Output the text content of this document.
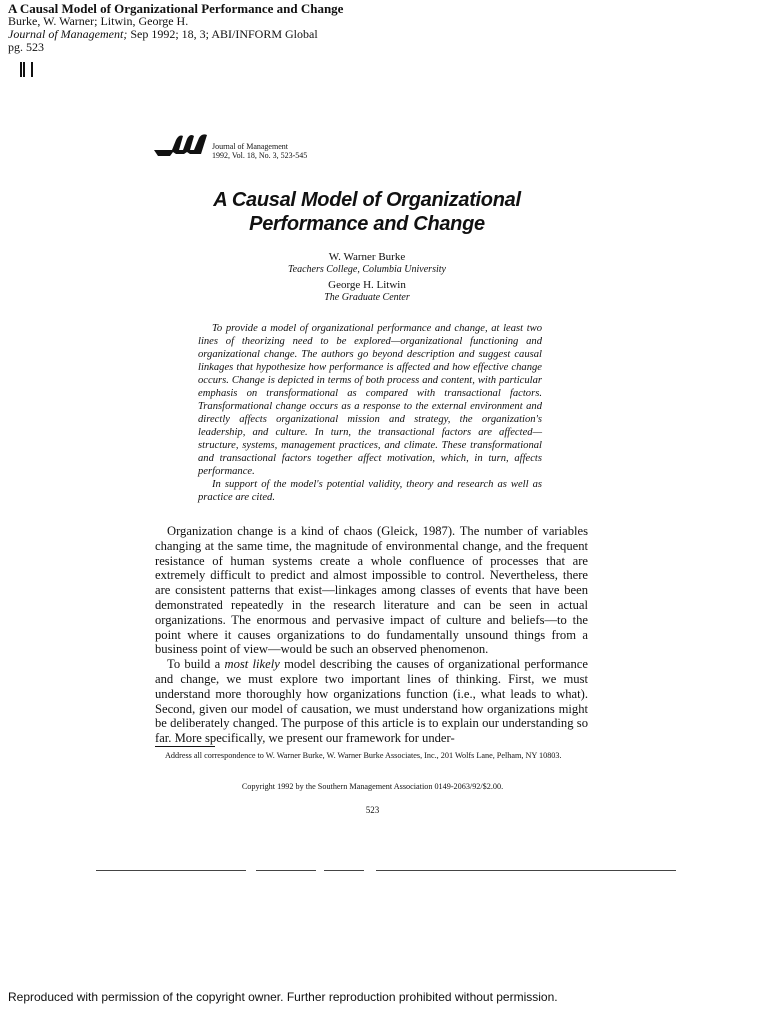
A Causal Model of Organizational Performance and Change
Burke, W. Warner; Litwin, George H.
Journal of Management; Sep 1992; 18, 3; ABI/INFORM Global
pg. 523
Journal of Management
1992, Vol. 18, No. 3, 523-545
A Causal Model of Organizational
Performance and Change
W. Warner Burke
Teachers College, Columbia University
George H. Litwin
The Graduate Center

To provide a model of organizational performance and change, at least two lines of theorizing need to be explored—organizational functioning and organizational change. The authors go beyond description and suggest causal linkages that hypothesize how performance is affected and how effective change occurs. Change is depicted in terms of both process and content, with particular emphasis on transformational as compared with transactional factors. Transformational change occurs as a response to the external environment and directly affects organizational mission and strategy, the organization's leadership, and culture. In turn, the transactional factors are affected—structure, systems, management practices, and climate. These transformational and transactional factors together affect motivation, which, in turn, affects performance.

In support of the model's potential validity, theory and research as well as practice are cited.

Organization change is a kind of chaos (Gleick, 1987). The number of variables changing at the same time, the magnitude of environmental change, and the frequent resistance of human systems create a whole confluence of processes that are extremely difficult to predict and almost impossible to control. Nevertheless, there are consistent patterns that exist—linkages among classes of events that have been demonstrated repeatedly in the research literature and can be seen in actual organizations. The enormous and pervasive impact of culture and beliefs—to the point where it causes organizations to do fundamentally unsound things from a business point of view—would be such an observed phenomenon.

To build a most likely model describing the causes of organizational performance and change, we must explore two important lines of thinking. First, we must understand more thoroughly how organizations function (i.e., what leads to what). Second, given our model of causation, we must understand how organizations might be deliberately changed. The purpose of this article is to explain our understanding so far. More specifically, we present our framework for under-

Address all correspondence to W. Warner Burke, W. Warner Burke Associates, Inc., 201 Wolfs Lane, Pelham, NY 10803.
Copyright 1992 by the Southern Management Association 0149-2063/92/$2.00.
523
Reproduced with permission of the copyright owner. Further reproduction prohibited without permission.
